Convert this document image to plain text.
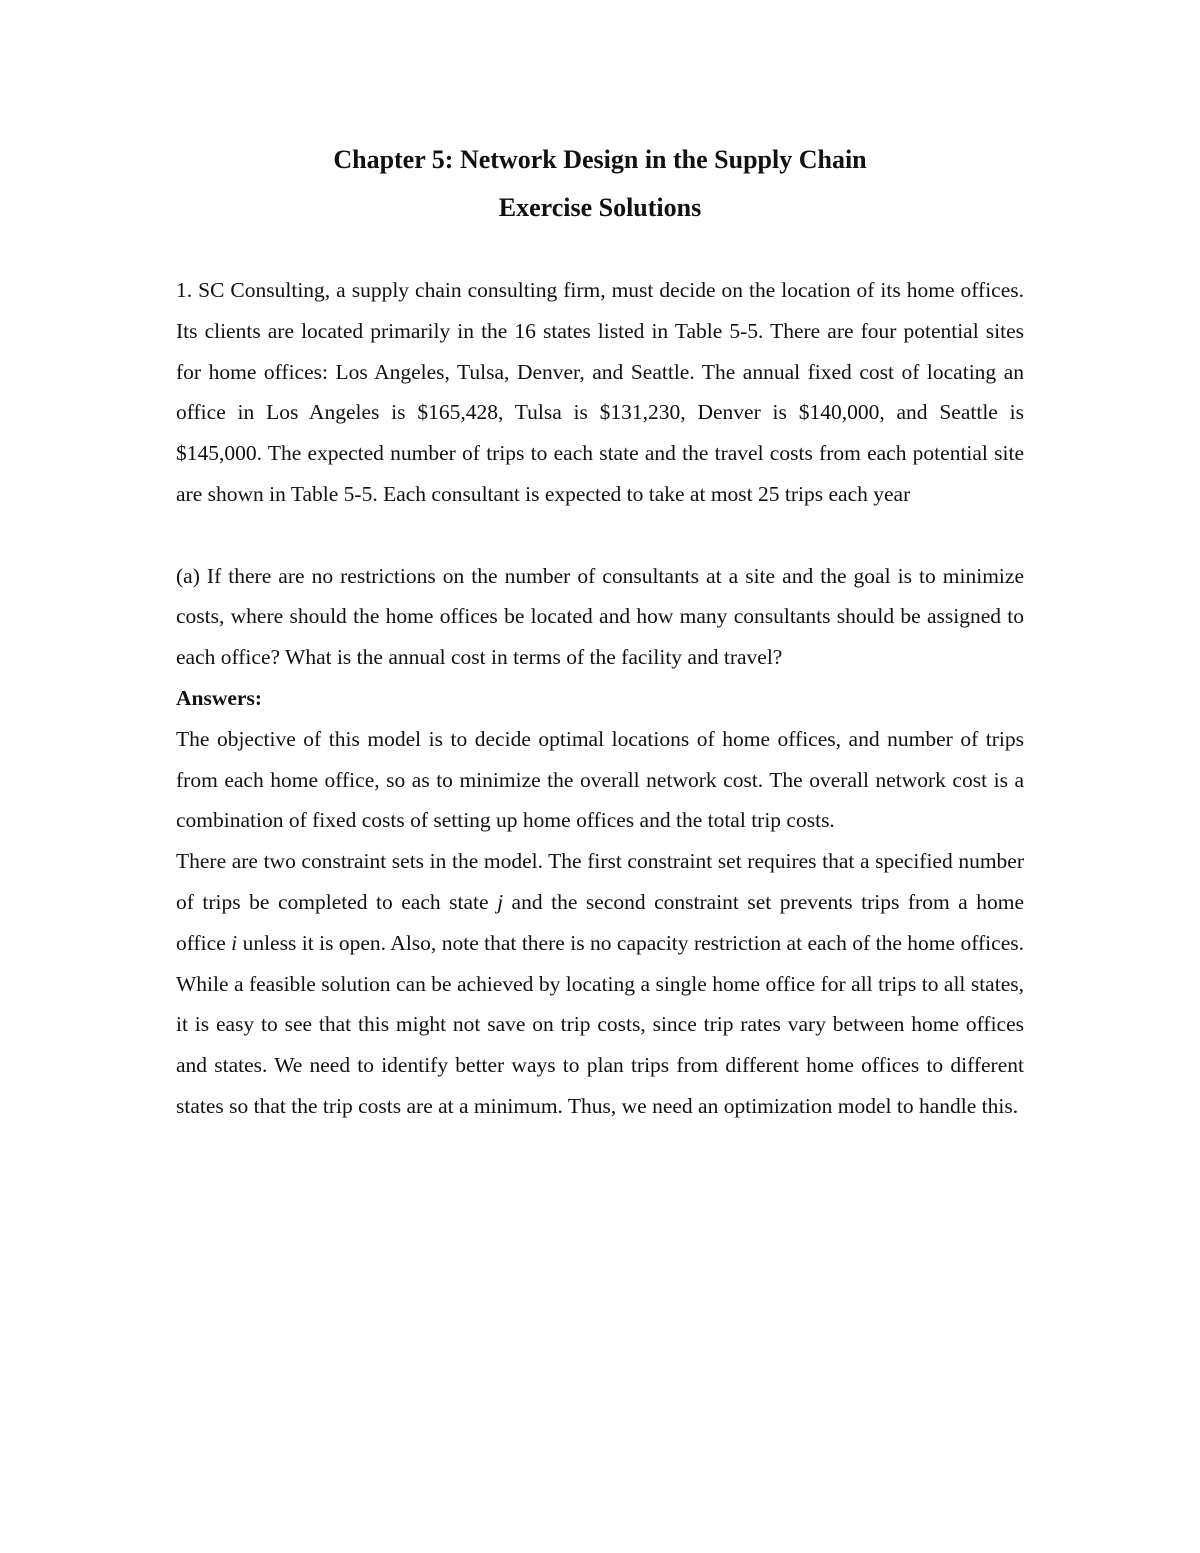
Chapter 5: Network Design in the Supply Chain

Exercise Solutions

1. SC Consulting, a supply chain consulting firm, must decide on the location of its home offices. Its clients are located primarily in the 16 states listed in Table 5-5. There are four potential sites for home offices: Los Angeles, Tulsa, Denver, and Seattle. The annual fixed cost of locating an office in Los Angeles is $165,428, Tulsa is $131,230, Denver is $140,000, and Seattle is $145,000. The expected number of trips to each state and the travel costs from each potential site are shown in Table 5-5. Each consultant is expected to take at most 25 trips each year

(a) If there are no restrictions on the number of consultants at a site and the goal is to minimize costs, where should the home offices be located and how many consultants should be assigned to each office? What is the annual cost in terms of the facility and travel?

Answers:

The objective of this model is to decide optimal locations of home offices, and number of trips from each home office, so as to minimize the overall network cost. The overall network cost is a combination of fixed costs of setting up home offices and the total trip costs.

There are two constraint sets in the model. The first constraint set requires that a specified number of trips be completed to each state j and the second constraint set prevents trips from a home office i unless it is open. Also, note that there is no capacity restriction at each of the home offices. While a feasible solution can be achieved by locating a single home office for all trips to all states, it is easy to see that this might not save on trip costs, since trip rates vary between home offices and states. We need to identify better ways to plan trips from different home offices to different states so that the trip costs are at a minimum. Thus, we need an optimization model to handle this.
